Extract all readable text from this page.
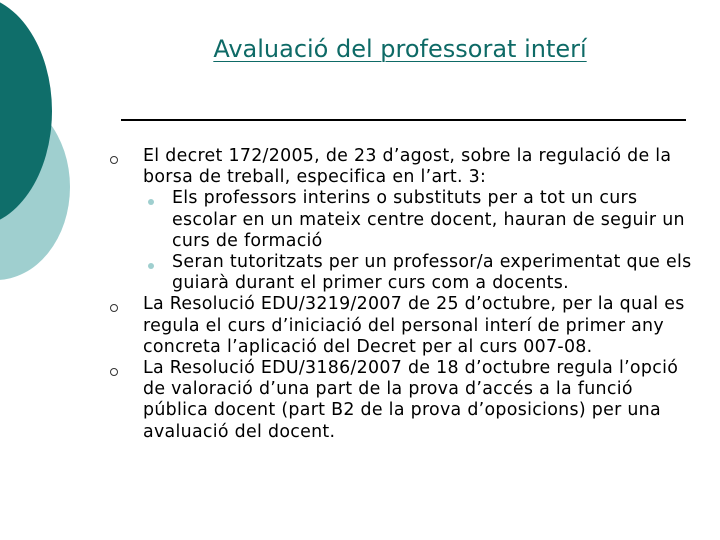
Avaluació del professorat interí
El decret 172/2005, de 23 d’agost, sobre la regulació de la borsa de treball, especifica en l’art. 3:
Els professors interins o substituts per a tot un curs escolar en un mateix centre docent, hauran de seguir un curs de formació
Seran tutoritzats per un professor/a experimentat que els guiarà durant el primer curs com a docents.
La Resolució EDU/3219/2007 de 25 d’octubre, per la qual es regula el curs d’iniciació del personal interí de primer any concreta l’aplicació del Decret per al curs 007-08.
La Resolució EDU/3186/2007 de 18 d’octubre regula l’opció de valoració d’una part de la prova d’accés a la funció pública docent (part B2 de la prova d’oposicions) per una avaluació del docent.
